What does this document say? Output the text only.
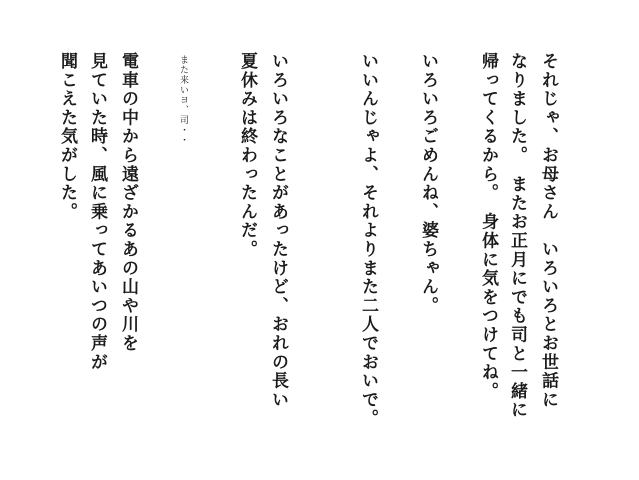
それじゃ、お母さん　いろいろとお世話に
なりました。　またお正月にでも司と一緒に
帰ってくるから。　身体に気をつけてね。
いろいろごめんね、婆ちゃん。
いいんじゃよ、それよりまた二人でおいで。
いろいろなことがあったけど、おれの長い
夏休みは終わったんだ。
また来いヨ、司・・
電車の中から遠ざかるあの山や川を
見ていた時、風に乗ってあいつの声が
聞こえた気がした。
